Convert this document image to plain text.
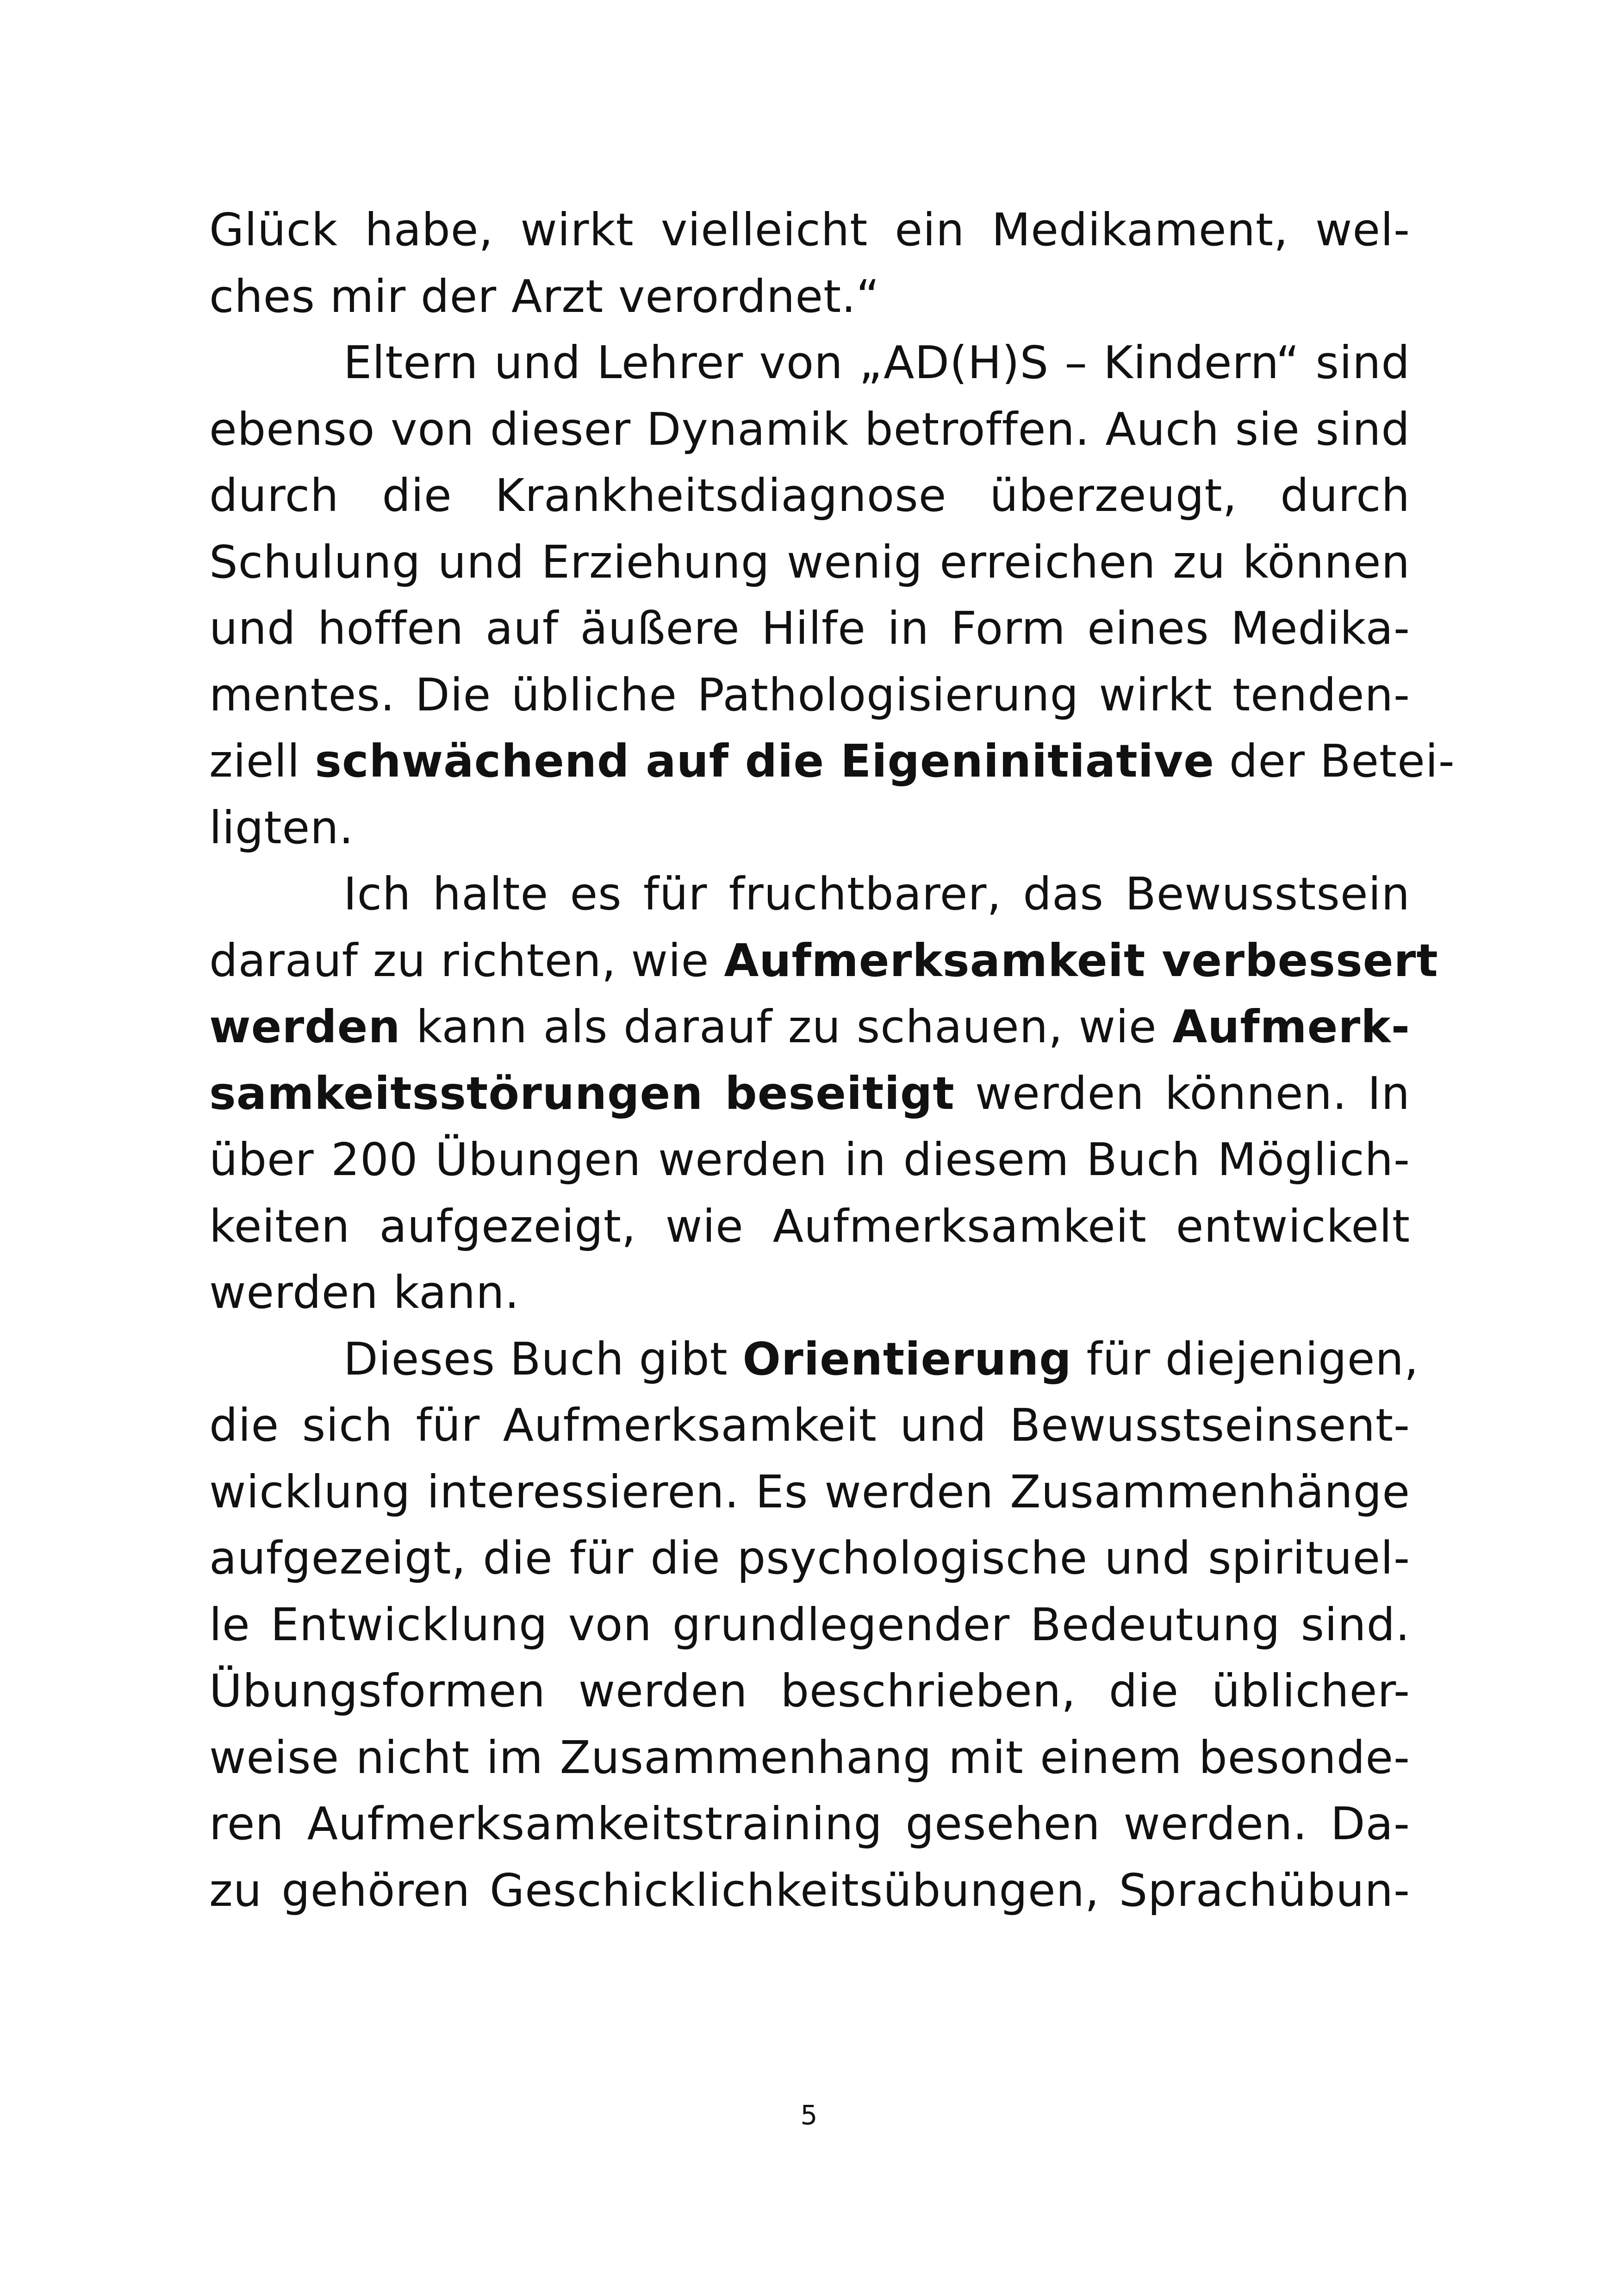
Glück habe, wirkt vielleicht ein Medikament, wel-
ches mir der Arzt verordnet.“
Eltern und Lehrer von „AD(H)S – Kindern“ sind
ebenso von dieser Dynamik betroffen. Auch sie sind
durch die Krankheitsdiagnose überzeugt, durch
Schulung und Erziehung wenig erreichen zu können
und hoffen auf äußere Hilfe in Form eines Medika-
mentes. Die übliche Pathologisierung wirkt tenden-
ziell schwächend auf die Eigeninitiative der Betei-
ligten.
Ich halte es für fruchtbarer, das Bewusstsein
darauf zu richten, wie Aufmerksamkeit verbessert
werden kann als darauf zu schauen, wie Aufmerk-
samkeitsstörungen beseitigt werden können. In
über 200 Übungen werden in diesem Buch Möglich-
keiten aufgezeigt, wie Aufmerksamkeit entwickelt
werden kann.
Dieses Buch gibt Orientierung für diejenigen,
die sich für Aufmerksamkeit und Bewusstseinsent-
wicklung interessieren. Es werden Zusammenhänge
aufgezeigt, die für die psychologische und spirituel-
le Entwicklung von grundlegender Bedeutung sind.
Übungsformen werden beschrieben, die üblicher-
weise nicht im Zusammenhang mit einem besonde-
ren Aufmerksamkeitstraining gesehen werden. Da-
zu gehören Geschicklichkeitsübungen, Sprachübun-
5
